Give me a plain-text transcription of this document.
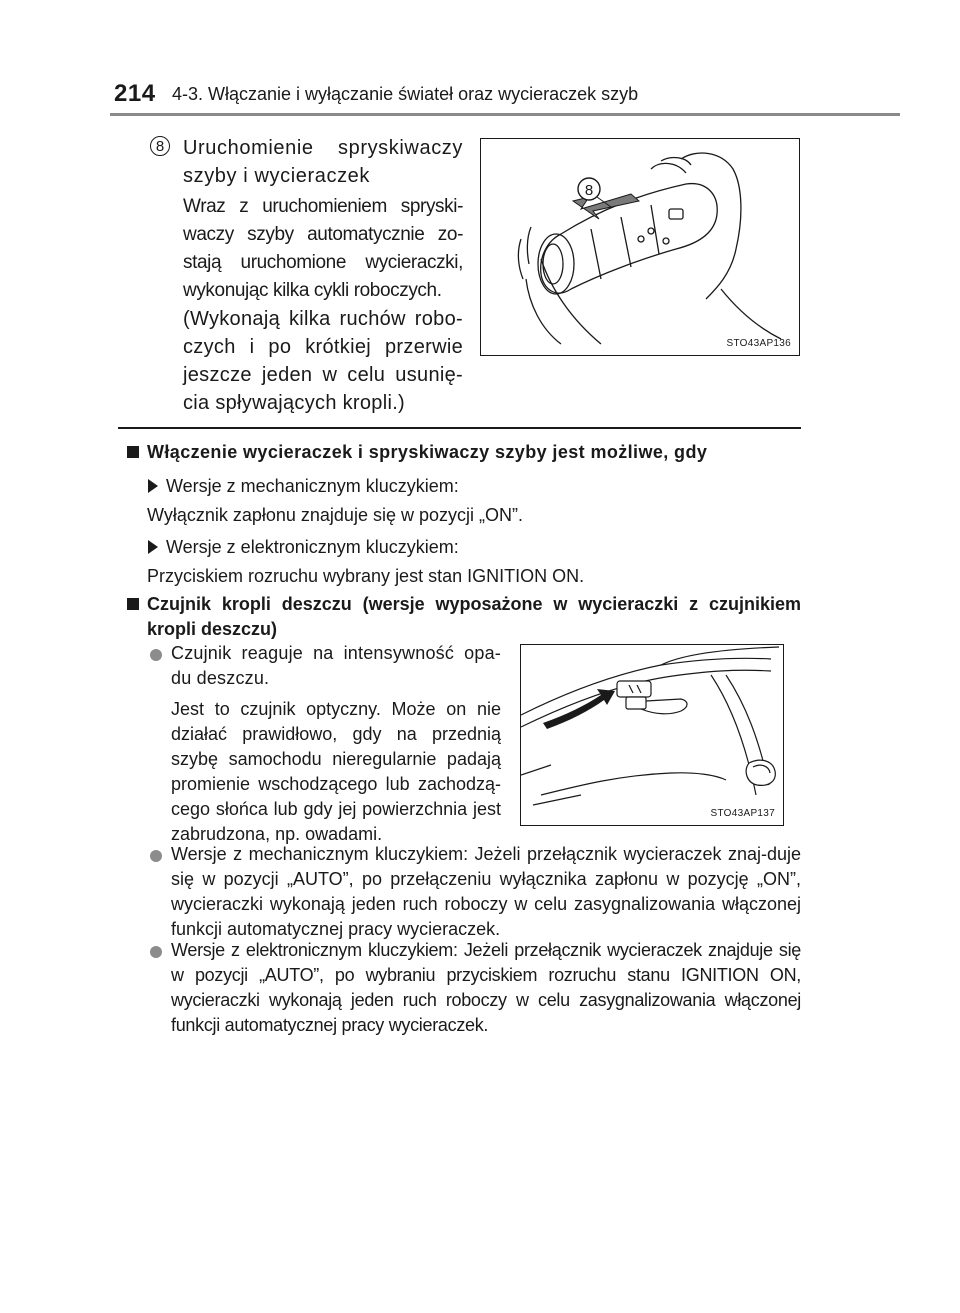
214 4-3. Włączanie i wyłączanie świateł oraz wycieraczek szyb
8 Uruchomienie spryskiwaczy szyby i wycieraczek
Wraz z uruchomieniem spryski-waczy szyby automatycznie zo-stają uruchomione wycieraczki, wykonując kilka cykli roboczych.
(Wykonają kilka ruchów robo-czych i po krótkiej przerwie jeszcze jeden w celu usunię-cia spływających kropli.)
8
STO43AP136
Włączenie wycieraczek i spryskiwaczy szyby jest możliwe, gdy
Wersje z mechanicznym kluczykiem:
Wyłącznik zapłonu znajduje się w pozycji „ON”.
Wersje z elektronicznym kluczykiem:
Przyciskiem rozruchu wybrany jest stan IGNITION ON.
Czujnik kropli deszczu (wersje wyposażone w wycieraczki z czujnikiem kropli deszczu)
Czujnik reaguje na intensywność opa-du deszczu.
Jest to czujnik optyczny. Może on nie działać prawidłowo, gdy na przednią szybę samochodu nieregularnie padają promienie wschodzącego lub zachodzą-cego słońca lub gdy jej powierzchnia jest zabrudzona, np. owadami.
STO43AP137
Wersje z mechanicznym kluczykiem: Jeżeli przełącznik wycieraczek znaj-duje się w pozycji „AUTO”, po przełączeniu wyłącznika zapłonu w pozycję „ON”, wycieraczki wykonają jeden ruch roboczy w celu zasygnalizowania włączonej funkcji automatycznej pracy wycieraczek.
Wersje z elektronicznym kluczykiem: Jeżeli przełącznik wycieraczek znajduje się w pozycji „AUTO”, po wybraniu przyciskiem rozruchu stanu IGNITION ON, wycieraczki wykonają jeden ruch roboczy w celu zasygnalizowania włączonej funkcji automatycznej pracy wycieraczek.
